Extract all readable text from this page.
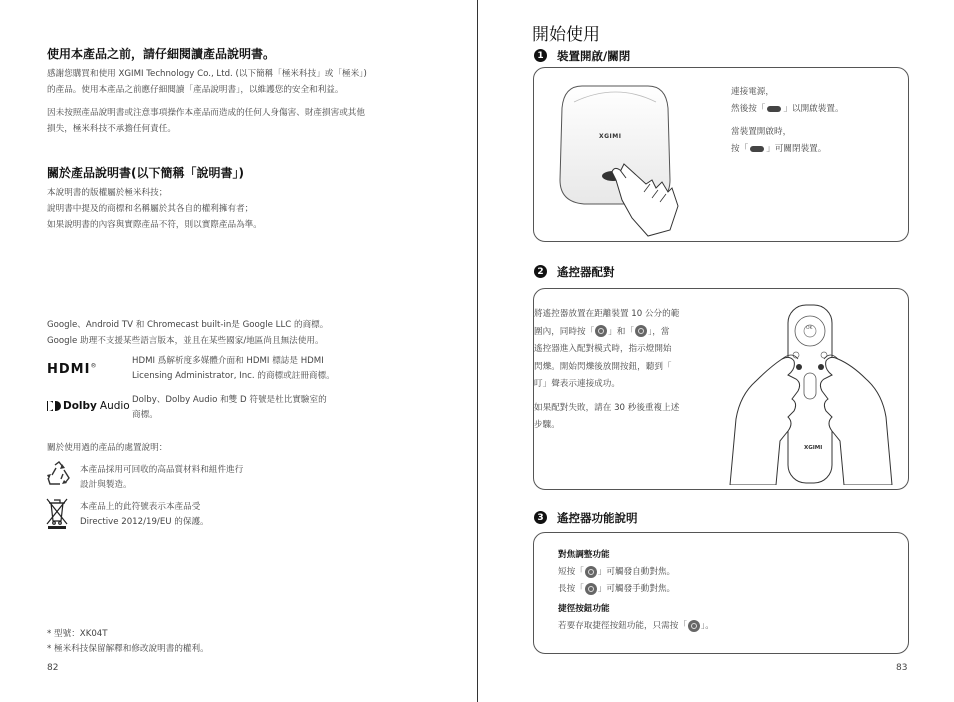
使用本產品之前，請仔細閱讀產品說明書。
感謝您購買和使用 XGIMI Technology Co., Ltd. (以下簡稱「極米科技」或「極米」)
的產品。使用本產品之前應仔細閱讀「產品說明書」，以維護您的安全和利益。
因未按照產品說明書或注意事項操作本產品而造成的任何人身傷害、財產損害或其他
損失，極米科技不承擔任何責任。
關於產品說明書(以下簡稱「說明書」)
本說明書的版權屬於極米科技；
說明書中提及的商標和名稱屬於其各自的權利擁有者；
如果說明書的內容與實際產品不符，則以實際產品為準。
Google、Android TV 和 Chromecast built-in是 Google LLC 的商標。
Google 助理不支援某些語言版本，並且在某些國家/地區尚且無法使用。
HDMI®
HDMI 爲解析度多媒體介面和 HDMI 標誌是 HDMI
Licensing Administrator, Inc. 的商標或註冊商標。
Dolby Audio Dolby、Dolby Audio 和雙 D 符號是杜比實驗室的
商標。
關於使用過的產品的處置說明：
本產品採用可回收的高品質材料和組件進行
設計與製造。
本產品上的此符號表示本產品受
Directive 2012/19/EU 的保護。
* 型號：XK04T
* 極米科技保留解釋和修改說明書的權利。
82
開始使用
1 裝置開啟/關閉
XGIMI
連接電源，
然後按「 」以開啟裝置。
當裝置開啟時，
按「 」可關閉裝置。
2 遙控器配對
將遙控器放置在距離裝置 10 公分的範
圍內，同時按「 」和「 」，當
遙控器進入配對模式時，指示燈開始
閃爍。開始閃爍後放開按鈕，聽到「
叮」聲表示連接成功。
如果配對失敗，請在 30 秒後重複上述
步驟。
OK
XGIMI
3 遙控器功能說明
對焦調整功能
短按「 」可觸發自動對焦。
長按「 」可觸發手動對焦。
捷徑按鈕功能
若要存取捷徑按鈕功能，只需按「 」。
83
